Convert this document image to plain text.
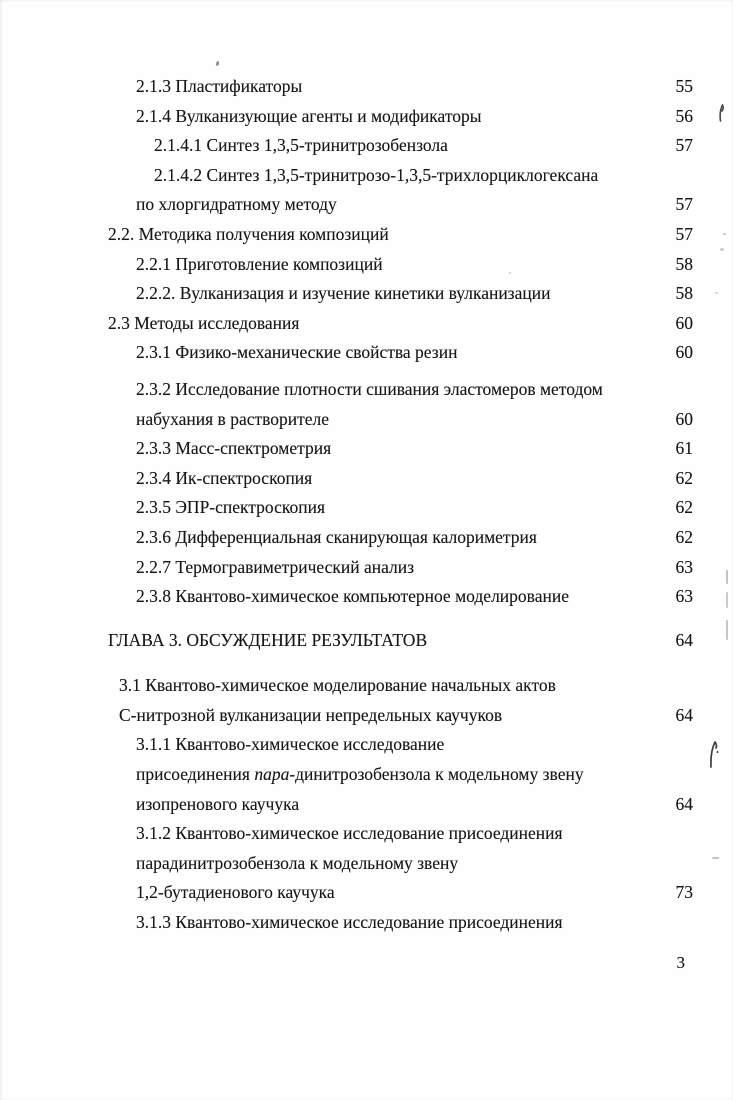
2.1.3 Пластификаторы	55
2.1.4 Вулканизующие агенты и модификаторы	56
2.1.4.1 Синтез 1,3,5-тринитрозобензола	57
2.1.4.2 Синтез 1,3,5-тринитрозо-1,3,5-трихлорциклогексана
по хлоргидратному методу	57
2.2. Методика получения композиций	57
2.2.1 Приготовление композиций	58
2.2.2. Вулканизация и изучение кинетики вулканизации	58
2.3 Методы исследования	60
2.3.1 Физико-механические свойства резин	60
2.3.2 Исследование плотности сшивания эластомеров методом
набухания в растворителе	60
2.3.3 Масс-спектрометрия	61
2.3.4 Ик-спектроскопия	62
2.3.5 ЭПР-спектроскопия	62
2.3.6 Дифференциальная сканирующая калориметрия	62
2.2.7 Термогравиметрический анализ	63
2.3.8 Квантово-химическое компьютерное моделирование	63
ГЛАВА 3. ОБСУЖДЕНИЕ РЕЗУЛЬТАТОВ	64
3.1 Квантово-химическое моделирование начальных актов
С-нитрозной вулканизации непредельных каучуков	64
3.1.1 Квантово-химическое исследование
присоединения пара-динитрозобензола к модельному звену
изопренового каучука	64
3.1.2 Квантово-химическое исследование присоединения
парадинитрозобензола к модельному звену
1,2-бутадиенового каучука	73
3.1.3 Квантово-химическое исследование присоединения
3
